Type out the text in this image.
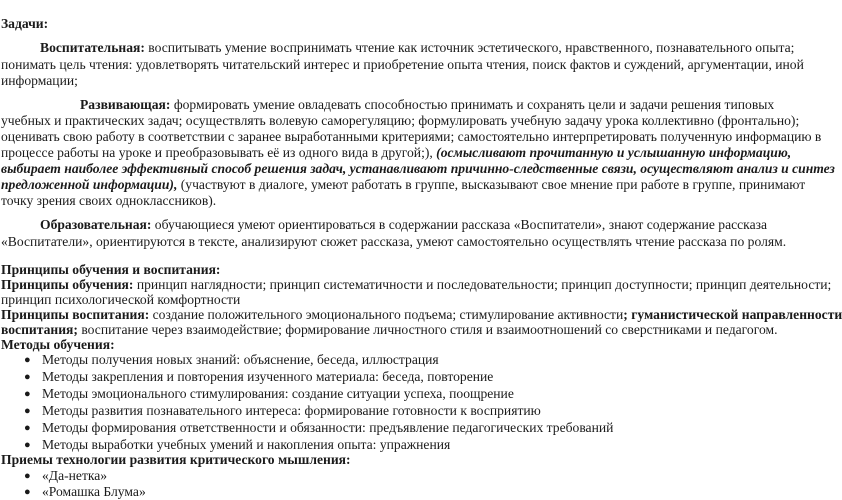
Задачи:
Воспитательная: воспитывать умение воспринимать чтение как источник эстетического, нравственного, познавательного опыта;
понимать цель чтения: удовлетворять читательский интерес и приобретение опыта чтения, поиск фактов и суждений, аргументации, иной
информации;
Развивающая: формировать умение овладевать способностью принимать и сохранять цели и задачи решения типовых
учебных и практических задач; осуществлять волевую саморегуляцию; формулировать учебную задачу урока коллективно (фронтально);
оценивать свою работу в соответствии с заранее выработанными критериями; самостоятельно интерпретировать полученную информацию в
процессе работы на уроке и преобразовывать её из одного вида в другой;), (осмысливают прочитанную и услышанную информацию,
выбирает наиболее эффективный способ решения задач, устанавливают причинно-следственные связи, осуществляют анализ и синтез
предложенной информации), (участвуют в диалоге, умеют работать в группе, высказывают свое мнение при работе в группе, принимают
точку зрения своих одноклассников).
Образовательная: обучающиеся умеют ориентироваться в содержании рассказа «Воспитатели», знают содержание рассказа
«Воспитатели», ориентируются в тексте, анализируют сюжет рассказа, умеют самостоятельно осуществлять чтение рассказа по ролям.
Принципы обучения и воспитания:
Принципы обучения: принцип наглядности; принцип систематичности и последовательности; принцип доступности; принцип деятельности;
принцип психологической комфортности
Принципы воспитания: создание положительного эмоционального подъема; стимулирование активности; гуманистической направленности
воспитания; воспитание через взаимодействие; формирование личностного стиля и взаимоотношений со сверстниками и педагогом.
Методы обучения:
● Методы получения новых знаний: объяснение, беседа, иллюстрация
● Методы закрепления и повторения изученного материала: беседа, повторение
● Методы эмоционального стимулирования: создание ситуации успеха, поощрение
● Методы развития познавательного интереса: формирование готовности к восприятию
● Методы формирования ответственности и обязанности: предъявление педагогических требований
● Методы выработки учебных умений и накопления опыта: упражнения
Приемы технологии развития критического мышления:
● «Да-нетка»
● «Ромашка Блума»
